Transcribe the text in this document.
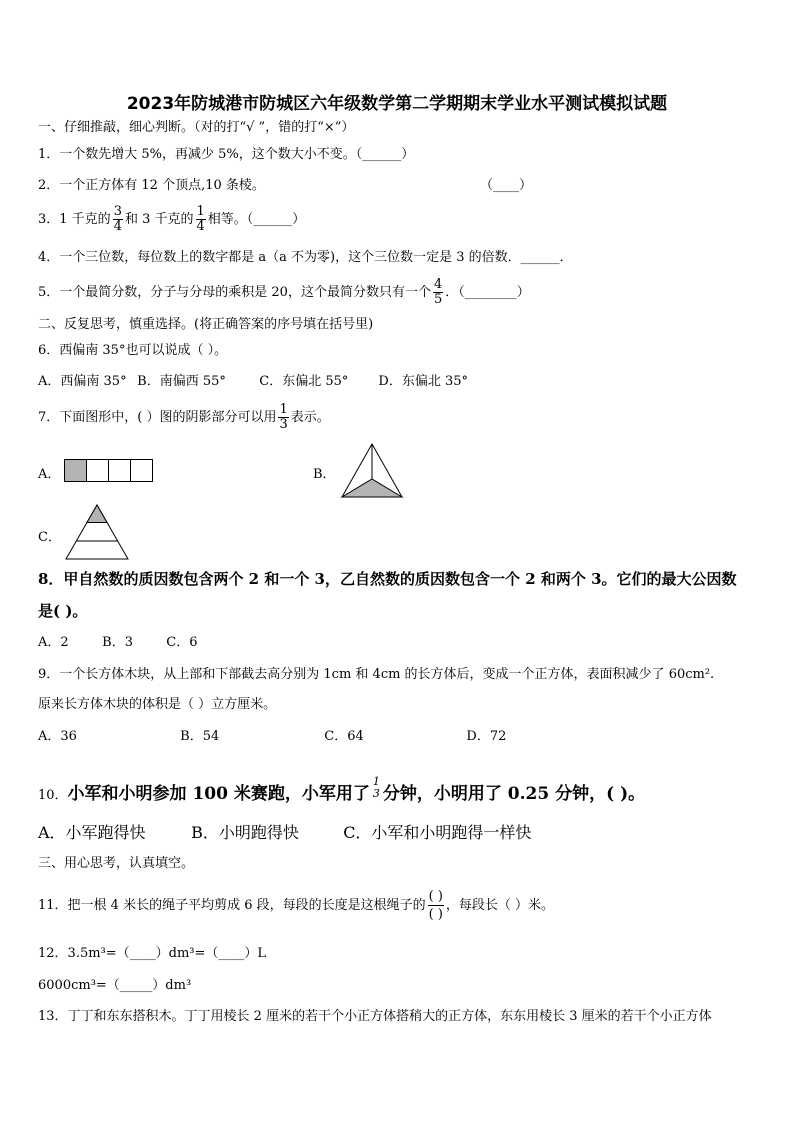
2023年防城港市防城区六年级数学第二学期期末学业水平测试模拟试题
一、仔细推敲，细心判断。（对的打“√ ”，错的打“×”）
1．一个数先增大 5%，再减少 5%，这个数大小不变。（______）
2．一个正方体有 12 个顶点,10 条棱。	（____）
3．1 千克的 $\frac{3}{4}$ 和 3 千克的 $\frac{1}{4}$ 相等。（______）
4．一个三位数，每位数上的数字都是 a（a 不为零)，这个三位数一定是 3 的倍数．______．
5．一个最简分数，分子与分母的乘积是 20，这个最简分数只有一个 $\frac{4}{5}$ ．（________）
二、反复思考，慎重选择。(将正确答案的序号填在括号里)
6．西偏南 35°也可以说成（ ）。
A．西偏南 35° B．南偏西 55°	C．东偏北 55° D．东偏北 35°
7．下面图形中，( ）图的阴影部分可以用 $\frac{1}{3}$ 表示。
A．	B．
C．
8．甲自然数的质因数包含两个 2 和一个 3，乙自然数的质因数包含一个 2 和两个 3。它们的最大公因数
是( )。
A．2	B．3	C．6
9．一个长方体木块，从上部和下部截去高分别为 1cm 和 4cm 的长方体后，变成一个正方体，表面积减少了 60cm².
原来长方体木块的体积是（ ）立方厘米。
A．36	B．54	C．64	D．72
10．小军和小明参加 100 米赛跑，小军用了
1
3 分钟，小明用了 0.25 分钟，( )。
A．小军跑得快	B．小明跑得快	C．小军和小明跑得一样快
三、用心思考，认真填空。
11．把一根 4 米长的绳子平均剪成 6 段，每段的长度是这根绳子的 $\frac{( )}{( )}$ ，每段长（ ）米。
12．3.5m³=（____）dm³=（____）L
6000cm³=（_____）dm³
13．丁丁和东东搭积木。丁丁用棱长 2 厘米的若干个小正方体搭稍大的正方体，东东用棱长 3 厘米的若干个小正方体
